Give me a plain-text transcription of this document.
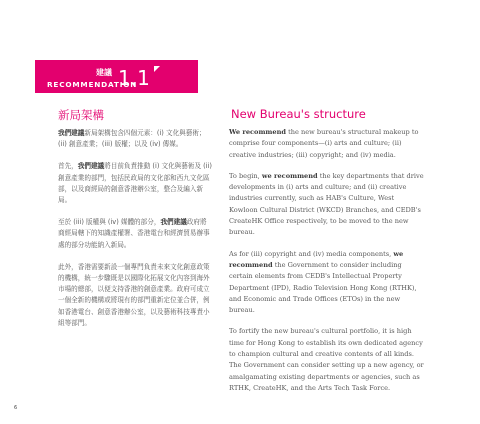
建議
RECOMMENDATION
1.1
新局架構	New Bureau's structure

我們建議新局架構包含四個元素：(i) 文化與藝術；(ii) 創意產業；(iii) 版權；以及 (iv) 傳媒。

首先，我們建議將目前負責推動 (i) 文化與藝術及 (ii) 創意產業的部門，包括民政局的文化部和西九文化區部，以及商經局的創意香港辦公室，整合及編入新局。

至於 (iii) 版權與 (iv) 媒體的部分，我們建議政府將商經局轄下的知識產權署、香港電台和經濟貿易辦事處的部分功能納入新局。

此外，香港需要新設一個專門負責未來文化創意政策的機構，統一步驟既是以國際化拓展文化內容到海外市場的總部，以便支持香港的創意產業。政府可成立一個全新的機構或將現有的部門重新定位並合併，例如香港電台、創意香港辦公室，以及藝術科技專責小組等部門。

We recommend the new bureau's structural makeup to comprise four components—(i) arts and culture; (ii) creative industries; (iii) copyright; and (iv) media.

To begin, we recommend the key departments that drive developments in (i) arts and culture; and (ii) creative industries currently, such as HAB's Culture, West Kowloon Cultural District (WKCD) Branches, and CEDB's CreateHK Office respectively, to be moved to the new bureau.

As for (iii) copyright and (iv) media components, we recommend the Government to consider including certain elements from CEDB's Intellectual Property Department (IPD), Radio Television Hong Kong (RTHK), and Economic and Trade Offices (ETOs) in the new bureau.

To fortify the new bureau's cultural portfolio, it is high time for Hong Kong to establish its own dedicated agency to champion cultural and creative contents of all kinds. The Government can consider setting up a new agency, or amalgamating existing departments or agencies, such as RTHK, CreateHK, and the Arts Tech Task Force.

6
